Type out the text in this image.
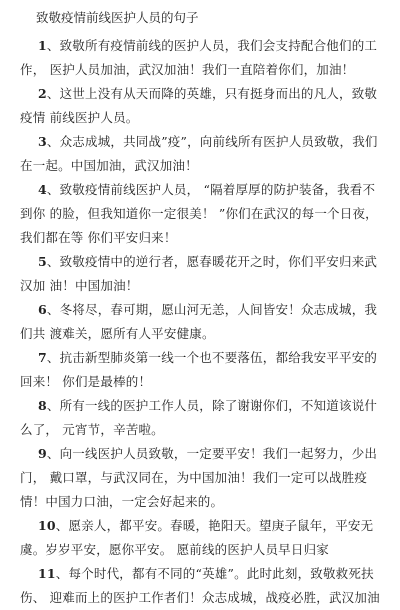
致敬疫情前线医护人员的句子

1、致敬所有疫情前线的医护人员，我们会支持配合他们的工作， 医护人员加油，武汉加油！我们一直陪着你们，加油！

2、这世上没有从天而降的英雄，只有挺身而出的凡人，致敬疫情 前线医护人员。

3、众志成城，共同战”疫”，向前线所有医护人员致敬，我们在一起。中国加油，武汉加油！

4、致敬疫情前线医护人员， “隔着厚厚的防护装备，我看不到你 的脸，但我知道你一定很美！ ”你们在武汉的每一个日夜，我们都在等 你们平安归来！

5、致敬疫情中的逆行者，愿春暖花开之时，你们平安归来武汉加 油！中国加油！

6、冬将尽，春可期，愿山河无恙，人间皆安！众志成城，我们共 渡难关，愿所有人平安健康。

7、抗击新型肺炎第一线一个也不要落伍，都给我安平平安的回来！ 你们是最棒的！

8、所有一线的医护工作人员，除了谢谢你们，不知道该说什么了， 元宵节，辛苦啦。

9、向一线医护人员致敬，一定要平安！我们一起努力，少出门， 戴口罩，与武汉同在，为中国加油！我们一定可以战胜疫情！中国力口油，一定会好起来的。

10、愿亲人，都平安。春暖，艳阳天。望庚子鼠年，平安无虞。岁岁平安，愿你平安。 愿前线的医护人员早日归家

11、每个时代，都有不同的“英雄”。此时此刻，致敬救死扶伤、 迎难而上的医护工作者们！众志成城，战疫必胜，武汉加油
